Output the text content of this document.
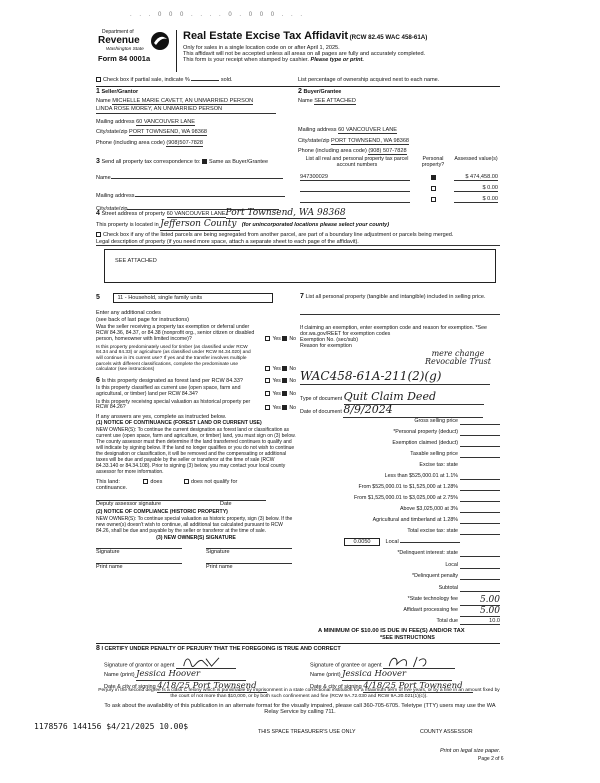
. . . 0 0 0 . . . . 0 . 0 0 0 . . .
Department of
Revenue
Washington State
Form 84 0001a
Real Estate Excise Tax Affidavit (RCW 82.45 WAC 458-61A)
Only for sales in a single location code on or after April 1, 2025.
This affidavit will not be accepted unless all areas on all pages are fully and accurately completed.
This form is your receipt when stamped by cashier. Please type or print.
Check box if partial sale, indicate %	sold.	List percentage of ownership acquired next to each name.
1 Seller/Grantor
Name MICHELLE MARIE CAVETT, AN UNMARRIED PERSON
LINDA ROSE MOREY, AN UNMARRIED PERSON
Mailing address 60 VANCOUVER LANE
City/state/zip PORT TOWNSEND, WA 98368
Phone (including area code) (908)507-7828
2 Buyer/Grantee
Name SEE ATTACHED
Mailing address 60 VANCOUVER LANE
City/state/zip PORT TOWNSEND, WA 98368
Phone (including area code) (908) 507-7828
3 Send all property tax correspondence to: Same as Buyer/Grantee
Name
Mailing address
City/state/zip
List all real and personal property tax parcel account numbers
Personal property?
Assessed value(s)
947300029	$ 474,458.00
$ 0.00
$ 0.00
4 Street address of property 60 VANCOUVER LANEPort Townsend, WA 98368
This property is located in Jefferson County (for unincorporated locations please select your county)
Check box if any of the listed parcels are being segregated from another parcel, are part of a boundary line adjustment or parcels being merged.
Legal description of property (if you need more space, attach a separate sheet to each page of the affidavit).
SEE ATTACHED
5	11 - Household, single family units
Enter any additional codes
(see back of last page for instructions)
Was the seller receiving a property tax exemption or deferral under RCW 84.36, 84.37, or 84.38 (nonprofit org., senior citizen or disabled person, homeowner with limited income)?	Yes No
Is this property predominately used for timber (as classified under RCW 84.34 and 84.33) or agriculture (as classified under RCW 84.34.020) and will continue in it's current use? If yes and the transfer involves multiple parcels with different classifications, complete the predominate use calculator (see instructions)	Yes No
6 Is this property designated as forest land per RCW 84.33?	Yes No
Is this property classified as current use (open space, farm and agricultural, or timber) land per RCW 84.34?	Yes No
Is this property receiving special valuation as historical property per RCW 84.26?	Yes No
If any answers are yes, complete as instructed below.
(1) NOTICE OF CONTINUANCE (FOREST LAND OR CURRENT USE)
NEW OWNER(S): To continue the current designation as forest land or classification as current use (open space, farm and agriculture, or timber) land, you must sign on (3) below. The county assessor must then determine if the land transferred continues to qualify and will indicate by signing below. If the land no longer qualifies or you do not wish to continue the designation or classification, it will be removed and the compensating or additional taxes will be due and payable by the seller or transferor at the time of sale (RCW 84.33.140 or 84.34.108). Prior to signing (3) below, you may contact your local county assessor for more information.
This land:	does	does not qualify for
continuance.
Deputy assessor signature	Date
(2) NOTICE OF COMPLIANCE (HISTORIC PROPERTY)
NEW OWNER(S): To continue special valuation as historic property, sign (3) below. If the new owner(s) doesn't wish to continue, all additional tax calculated pursuant to RCW 84.26, shall be due and payable by the seller or transferor at the time of sale.
(3) NEW OWNER(S) SIGNATURE
Signature	Signature
Print name	Print name
7 List all personal property (tangible and intangible) included in selling price.
If claiming an exemption, enter exemption code and reason for exemption. *See dor.wa.gov/REET for exemption codes
Exemption No. (sec/sub)
Reason for exemption
mere change Revocable Trust
WAC458-61A-211(2)(g)
Type of document Quit Claim Deed
Date of document 8/9/2024
Gross selling price
*Personal property (deduct)
Exemption claimed (deduct)
Taxable selling price
Excise tax: state
Less than $525,000.01 at 1.1%
From $525,000.01 to $1,525,000 at 1.28%
From $1,525,000.01 to $3,025,000 at 2.75%
Above $3,025,000 at 3%
Agricultural and timberland at 1.28%
Total excise tax: state
0.0050	Local
*Delinquent interest: state
Local
*Delinquent penalty
Subtotal
*State technology fee	5.00
Affidavit processing fee	5.00
Total due	10.0
A MINIMUM OF $10.00 IS DUE IN FEE(S) AND/OR TAX
*SEE INSTRUCTIONS
8 I CERTIFY UNDER PENALTY OF PERJURY THAT THE FOREGOING IS TRUE AND CORRECT
Signature of grantor or agent
Name (print) Jessica Hoover
Date & city of signing 4/18/25 Port Townsend
Signature of grantee or agent
Name (print) Jessica Hoover
Date & city of signing 4/18/25 Port Townsend
Perjury in the second degree is a class C felony which is punishable by imprisonment in a state correctional institution for a maximum term of five years, or by a fine in an amount fixed by the court of not more than $10,000, or by both such confinement and fine (RCW 9A.72.030 and RCW 9A.20.021(1)(c)).
To ask about the availability of this publication in an alternate format for the visually impaired, please call 360-705-6705. Teletype (TTY) users may use the WA Relay Service by calling 711.
1178576 144156 $4/21/2025 10.00$
THIS SPACE TREASURER'S USE ONLY	COUNTY ASSESSOR
Print on legal size paper.
Page 2 of 6
